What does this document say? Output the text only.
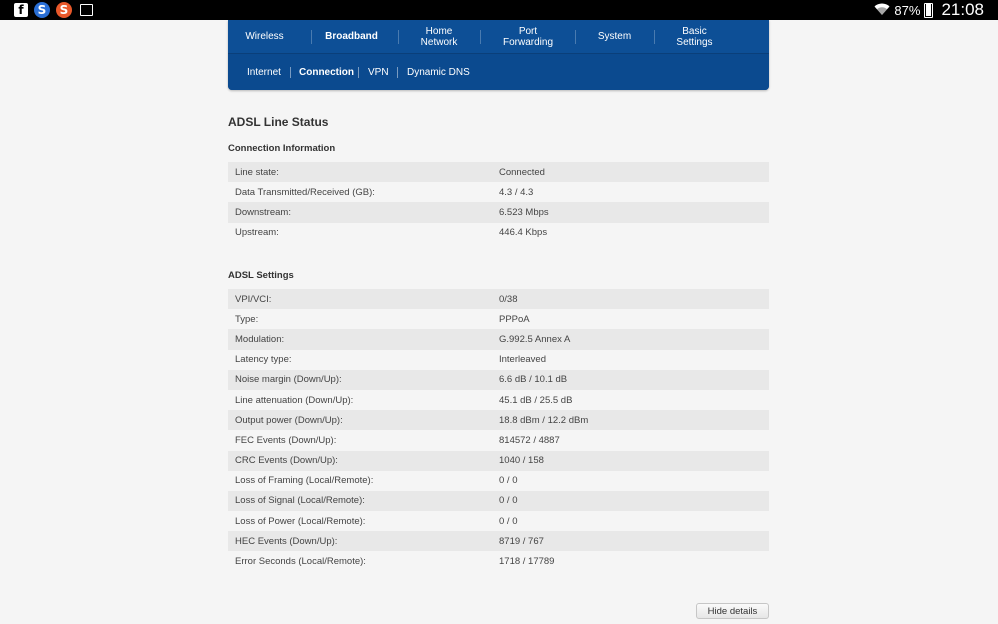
f	S	S	87% 21:08
Wireless	Broadband	Home
Network
Port
Forwarding	System	Basic
Settings
Internet Connection VPN Dynamic DNS
ADSL Line Status
Connection Information
Line state:	Connected
Data Transmitted/Received (GB):	4.3 / 4.3
Downstream:	6.523 Mbps
Upstream:	446.4 Kbps
ADSL Settings
VPI/VCI:	0/38
Type:	PPPoA
Modulation:	G.992.5 Annex A
Latency type:	Interleaved
Noise margin (Down/Up):	6.6 dB / 10.1 dB
Line attenuation (Down/Up):	45.1 dB / 25.5 dB
Output power (Down/Up):	18.8 dBm / 12.2 dBm
FEC Events (Down/Up):	814572 / 4887
CRC Events (Down/Up):	1040 / 158
Loss of Framing (Local/Remote):	0 / 0
Loss of Signal (Local/Remote):	0 / 0
Loss of Power (Local/Remote):	0 / 0
HEC Events (Down/Up):	8719 / 767
Error Seconds (Local/Remote):	1718 / 17789
Hide details
